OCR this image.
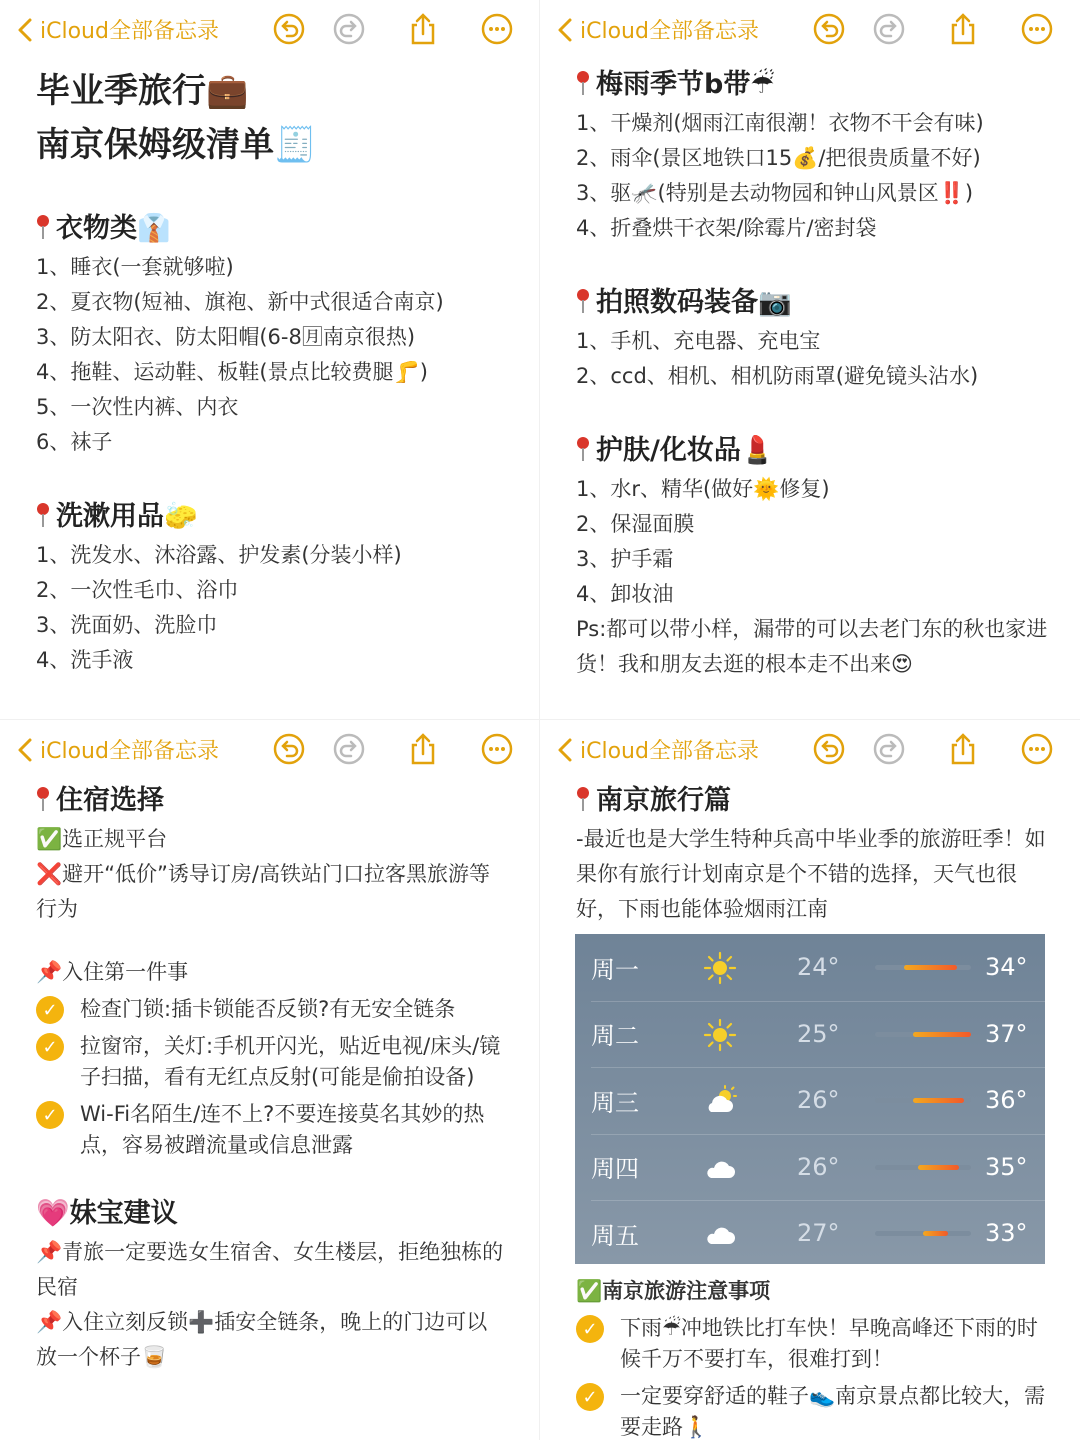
iCloud全部备忘录
毕业季旅行💼
南京保姆级清单🧾
衣物类👔
1、睡衣(一套就够啦)
2、夏衣物(短袖、旗袍、新中式很适合南京)
3、防太阳衣、防太阳帽(6-8🈷南京很热)
4、拖鞋、运动鞋、板鞋(景点比较费腿🦵)
5、一次性内裤、内衣
6、袜子
洗漱用品🧽
1、洗发水、沐浴露、护发素(分装小样)
2、一次性毛巾、浴巾
3、洗面奶、洗脸巾
4、洗手液
iCloud全部备忘录
梅雨季节b带☔
1、干燥剂(烟雨江南很潮！衣物不干会有味)
2、雨伞(景区地铁口15💰/把很贵质量不好)
3、驱🦟(特别是去动物园和钟山风景区‼️)
4、折叠烘干衣架/除霉片/密封袋
拍照数码装备📷
1、手机、充电器、充电宝
2、ccd、相机、相机防雨罩(避免镜头沾水)
护肤/化妆品💄
1、水r、精华(做好🌞修复)
2、保湿面膜
3、护手霜
4、卸妆油
Ps:都可以带小样，漏带的可以去老门东的秋也家进货！我和朋友去逛的根本走不出来😍
iCloud全部备忘录
住宿选择
✅选正规平台
❌避开“低价”诱导订房/高铁站门口拉客黑旅游等行为
📌入住第一件事
✓	检查门锁:插卡锁能否反锁?有无安全链条
✓	拉窗帘，关灯:手机开闪光，贴近电视/床头/镜子扫描，看有无红点反射(可能是偷拍设备)
✓	Wi-Fi名陌生/连不上?不要连接莫名其妙的热点，容易被蹭流量或信息泄露
💗妹宝建议
📌青旅一定要选女生宿舍、女生楼层，拒绝独栋的民宿
📌入住立刻反锁➕插安全链条，晚上的门边可以放一个杯子🥃
iCloud全部备忘录
南京旅行篇
-最近也是大学生特种兵高中毕业季的旅游旺季！如果你有旅行计划南京是个不错的选择，天气也很好，下雨也能体验烟雨江南
周一	24°	34°
周二	25°	37°
周三	26°	36°
周四	26°	35°
周五	27°	33°
✅南京旅游注意事项
✓	下雨☔冲地铁比打车快！早晚高峰还下雨的时候千万不要打车，很难打到！
✓	一定要穿舒适的鞋子👟南京景点都比较大，需要走路🚶
